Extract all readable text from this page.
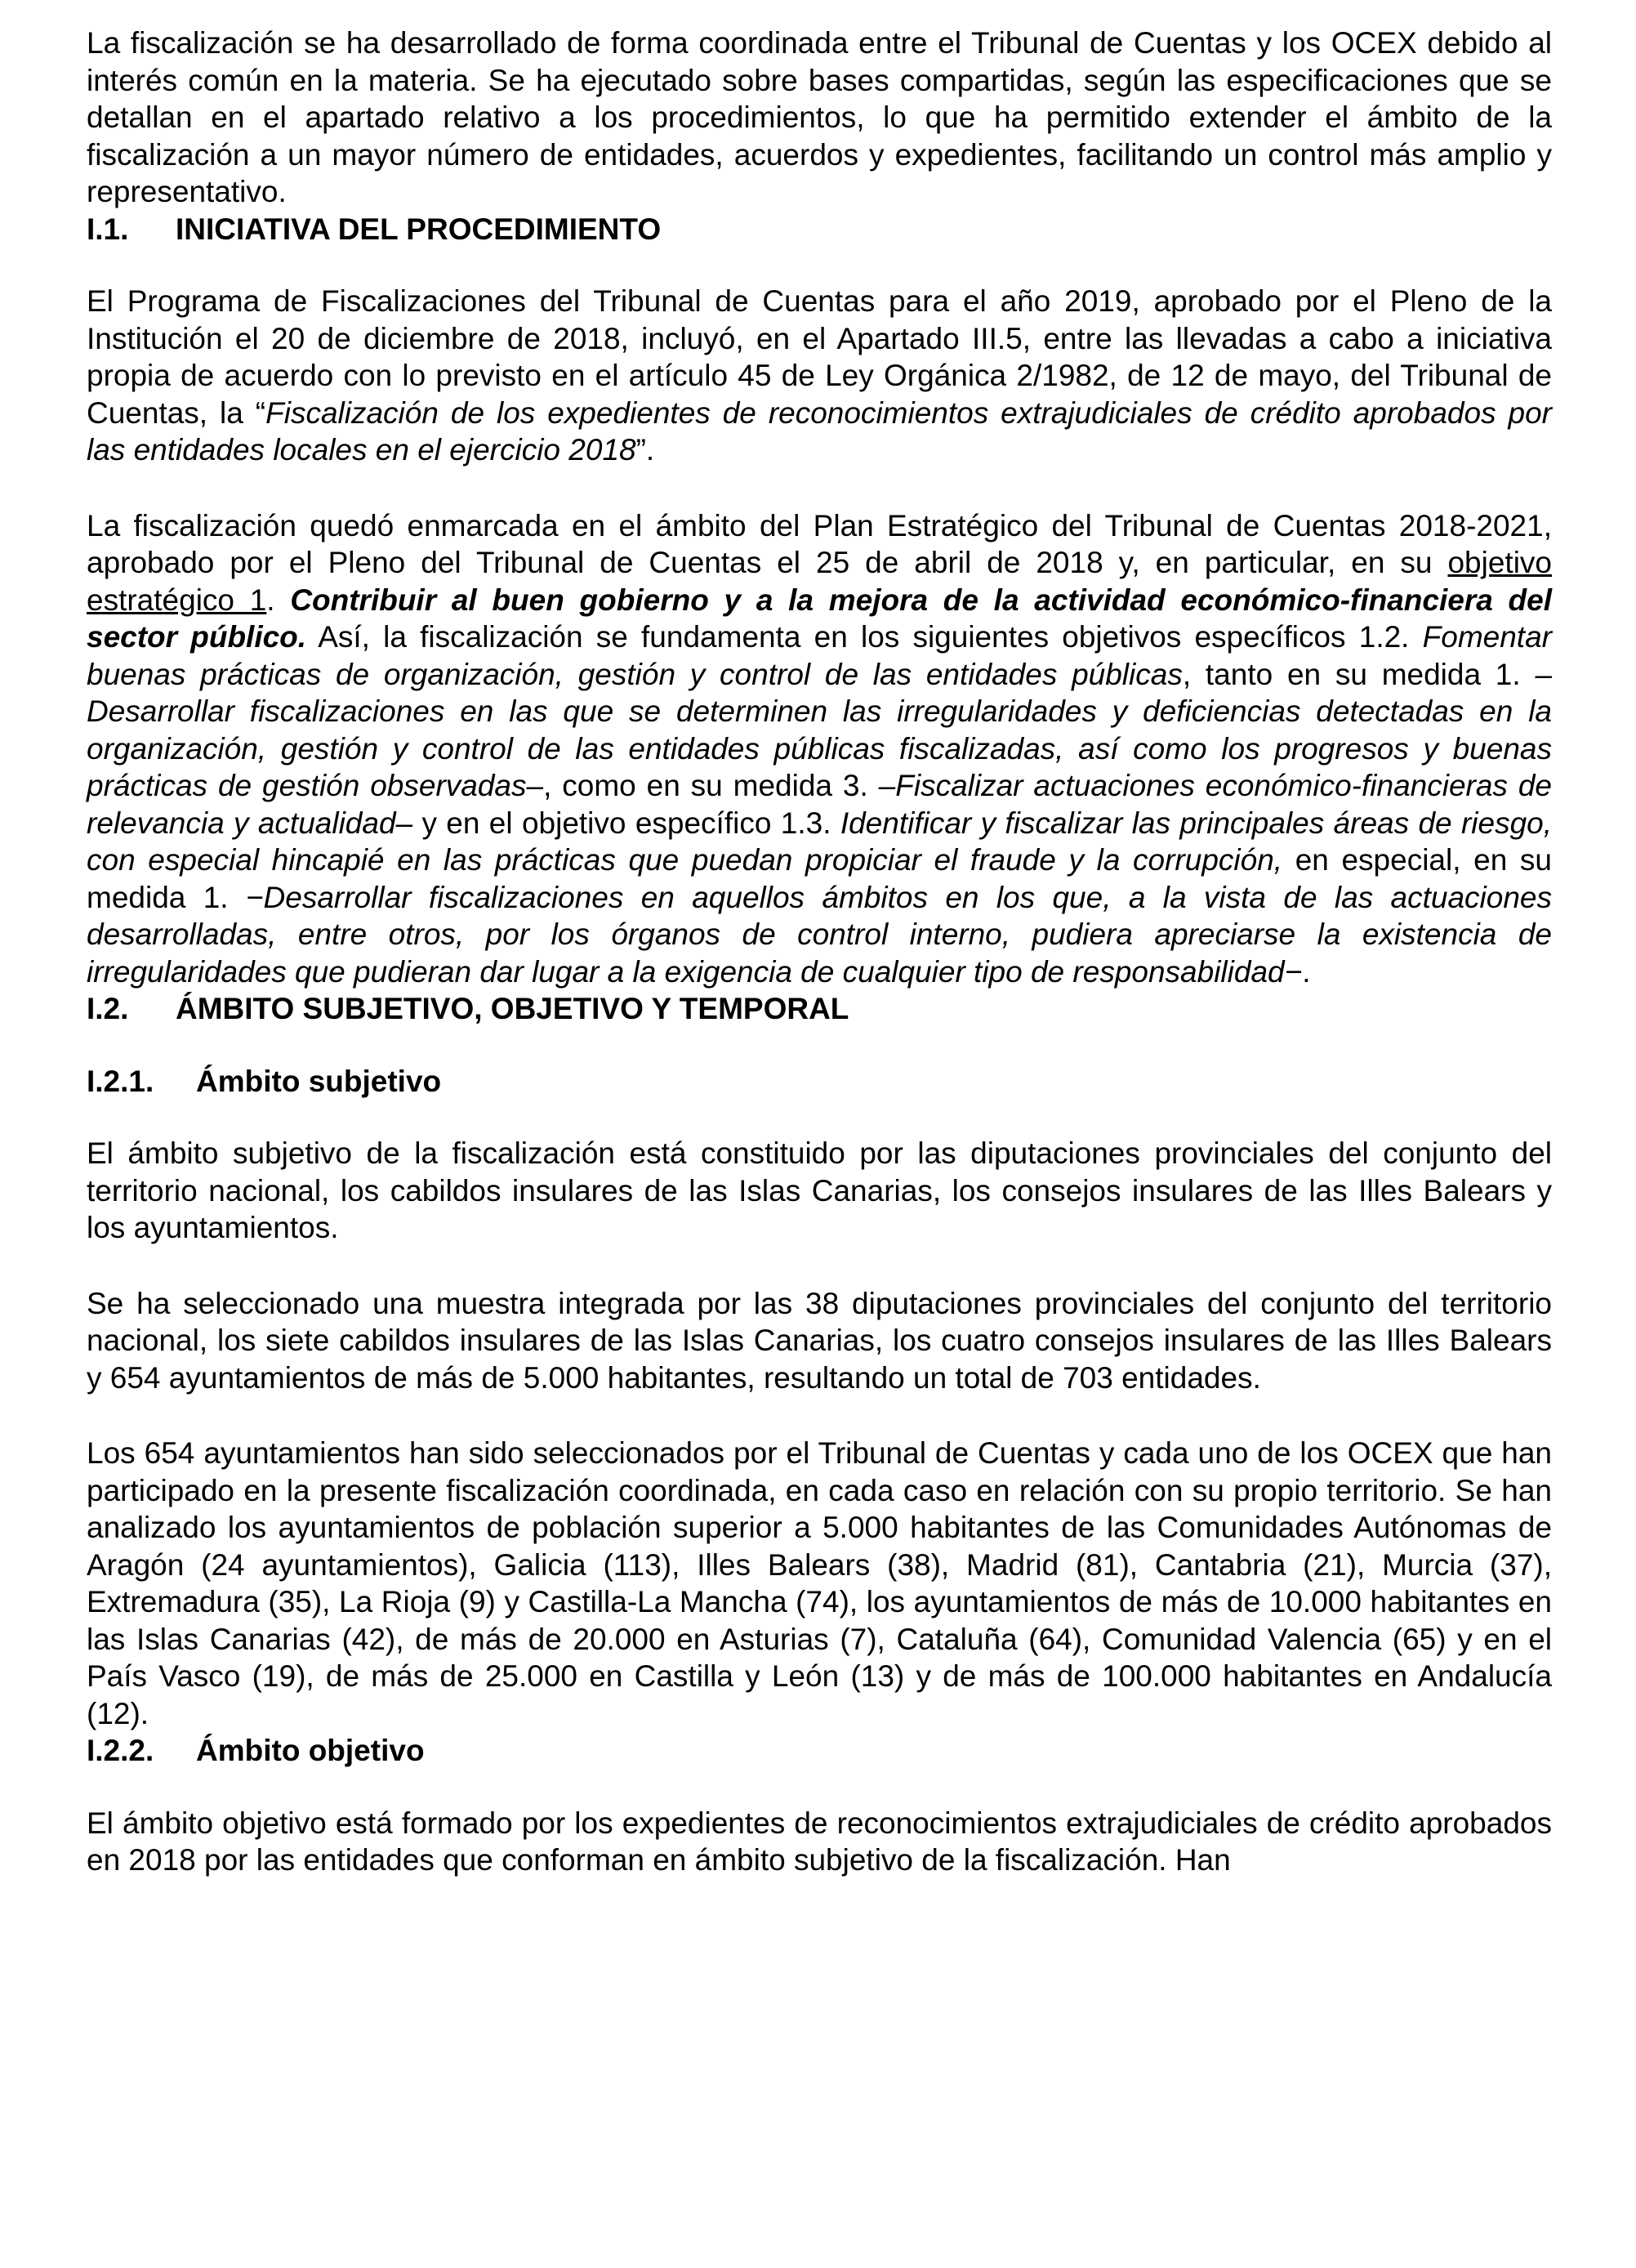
La fiscalización se ha desarrollado de forma coordinada entre el Tribunal de Cuentas y los OCEX debido al interés común en la materia. Se ha ejecutado sobre bases compartidas, según las especificaciones que se detallan en el apartado relativo a los procedimientos, lo que ha permitido extender el ámbito de la fiscalización a un mayor número de entidades, acuerdos y expedientes, facilitando un control más amplio y representativo.

I.1.	INICIATIVA DEL PROCEDIMIENTO

El Programa de Fiscalizaciones del Tribunal de Cuentas para el año 2019, aprobado por el Pleno de la Institución el 20 de diciembre de 2018, incluyó, en el Apartado III.5, entre las llevadas a cabo a iniciativa propia de acuerdo con lo previsto en el artículo 45 de Ley Orgánica 2/1982, de 12 de mayo, del Tribunal de Cuentas, la “Fiscalización de los expedientes de reconocimientos extrajudiciales de crédito aprobados por las entidades locales en el ejercicio 2018”.

La fiscalización quedó enmarcada en el ámbito del Plan Estratégico del Tribunal de Cuentas 2018-2021, aprobado por el Pleno del Tribunal de Cuentas el 25 de abril de 2018 y, en particular, en su objetivo estratégico 1. Contribuir al buen gobierno y a la mejora de la actividad económico-financiera del sector público. Así, la fiscalización se fundamenta en los siguientes objetivos específicos 1.2. Fomentar buenas prácticas de organización, gestión y control de las entidades públicas, tanto en su medida 1. –Desarrollar fiscalizaciones en las que se determinen las irregularidades y deficiencias detectadas en la organización, gestión y control de las entidades públicas fiscalizadas, así como los progresos y buenas prácticas de gestión observadas–, como en su medida 3. –Fiscalizar actuaciones económico-financieras de relevancia y actualidad– y en el objetivo específico 1.3. Identificar y fiscalizar las principales áreas de riesgo, con especial hincapié en las prácticas que puedan propiciar el fraude y la corrupción, en especial, en su medida 1. −Desarrollar fiscalizaciones en aquellos ámbitos en los que, a la vista de las actuaciones desarrolladas, entre otros, por los órganos de control interno, pudiera apreciarse la existencia de irregularidades que pudieran dar lugar a la exigencia de cualquier tipo de responsabilidad−.

I.2.	ÁMBITO SUBJETIVO, OBJETIVO Y TEMPORAL
I.2.1.	Ámbito subjetivo

El ámbito subjetivo de la fiscalización está constituido por las diputaciones provinciales del conjunto del territorio nacional, los cabildos insulares de las Islas Canarias, los consejos insulares de las Illes Balears y los ayuntamientos.

Se ha seleccionado una muestra integrada por las 38 diputaciones provinciales del conjunto del territorio nacional, los siete cabildos insulares de las Islas Canarias, los cuatro consejos insulares de las Illes Balears y 654 ayuntamientos de más de 5.000 habitantes, resultando un total de 703 entidades.

Los 654 ayuntamientos han sido seleccionados por el Tribunal de Cuentas y cada uno de los OCEX que han participado en la presente fiscalización coordinada, en cada caso en relación con su propio territorio. Se han analizado los ayuntamientos de población superior a 5.000 habitantes de las Comunidades Autónomas de Aragón (24 ayuntamientos), Galicia (113), Illes Balears (38), Madrid (81), Cantabria (21), Murcia (37), Extremadura (35), La Rioja (9) y Castilla-La Mancha (74), los ayuntamientos de más de 10.000 habitantes en las Islas Canarias (42), de más de 20.000 en Asturias (7), Cataluña (64), Comunidad Valencia (65) y en el País Vasco (19), de más de 25.000 en Castilla y León (13) y de más de 100.000 habitantes en Andalucía (12).

I.2.2.	Ámbito objetivo

El ámbito objetivo está formado por los expedientes de reconocimientos extrajudiciales de crédito aprobados en 2018 por las entidades que conforman en ámbito subjetivo de la fiscalización. Han
